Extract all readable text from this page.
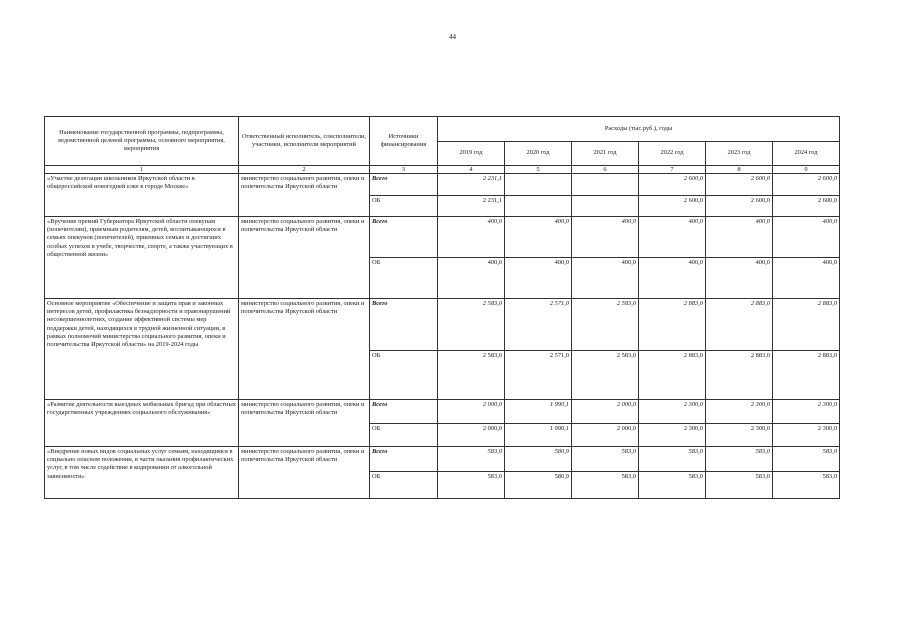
44
Наименование государственной программы, подпрограммы, ведомственной целевой программы, основного мероприятия, мероприятия	Ответственный исполнитель, соисполнители, участники, исполнители мероприятий	Источники финансирования	Расходы (тыс.руб.), годы					
			2019 год	2020 год	2021 год	2022 год	2023 год	2024 год
1	2	3	4	5	6	7	8	9
«Участие делегации школьников Иркутской области в общероссийской новогодней елке в городе Москве»	министерство социального развития, опеки и попечительства Иркутской области	Всего	2 231,1			2 600,0	2 600,0	2 600,0
		ОБ	2 231,1			2 600,0	2 600,0	2 600,0
«Вручение премий Губернатора Иркутской области опекунам (попечителям), приемным родителям, детей, воспитывающихся в семьях опекунов (попечителей), приемных семьях и достигших особых успехов в учебе, творчестве, спорте, а также участвующих в общественной жизни»	министерство социального развития, опеки и попечительства Иркутской области	Всего	400,0	400,0	400,0	400,0	400,0	400,0
		ОБ	400,0	400,0	400,0	400,0	400,0	400,0
Основное мероприятие «Обеспечение и защита прав и законных интересов детей, профилактика безнадзорности и правонарушений несовершеннолетних, создание эффективной системы мер поддержки детей, находящихся в трудной жизненной ситуации, в рамках полномочий министерства социального развития, опеки и попечительства Иркутской области» на 2019-2024 годы	министерство социального развития, опеки и попечительства Иркутской области	Всего	2 583,0	2 571,0	2 583,0	2 883,0	2 883,0	2 883,0
		ОБ	2 583,0	2 571,0	2 583,0	2 883,0	2 883,0	2 883,0
«Развитие деятельности выездных мобильных бригад при областных государственных учреждениях социального обслуживания»	министерство социального развития, опеки и попечительства Иркутской области	Всего	2 000,0	1 990,1	2 000,0	2 300,0	2 300,0	2 300,0
		ОБ	2 000,0	1 990,1	2 000,0	2 300,0	2 300,0	2 300,0
«Внедрение новых видов социальных услуг семьям, находящимся в социально опасном положении, в части оказания профилактических услуг, в том числе содействие в кодировании от алкогольной зависимости»	министерство социального развития, опеки и попечительства Иркутской области	Всего	583,0	580,9	583,0	583,0	583,0	583,0
		ОБ	583,0	580,9	583,0	583,0	583,0	583,0
